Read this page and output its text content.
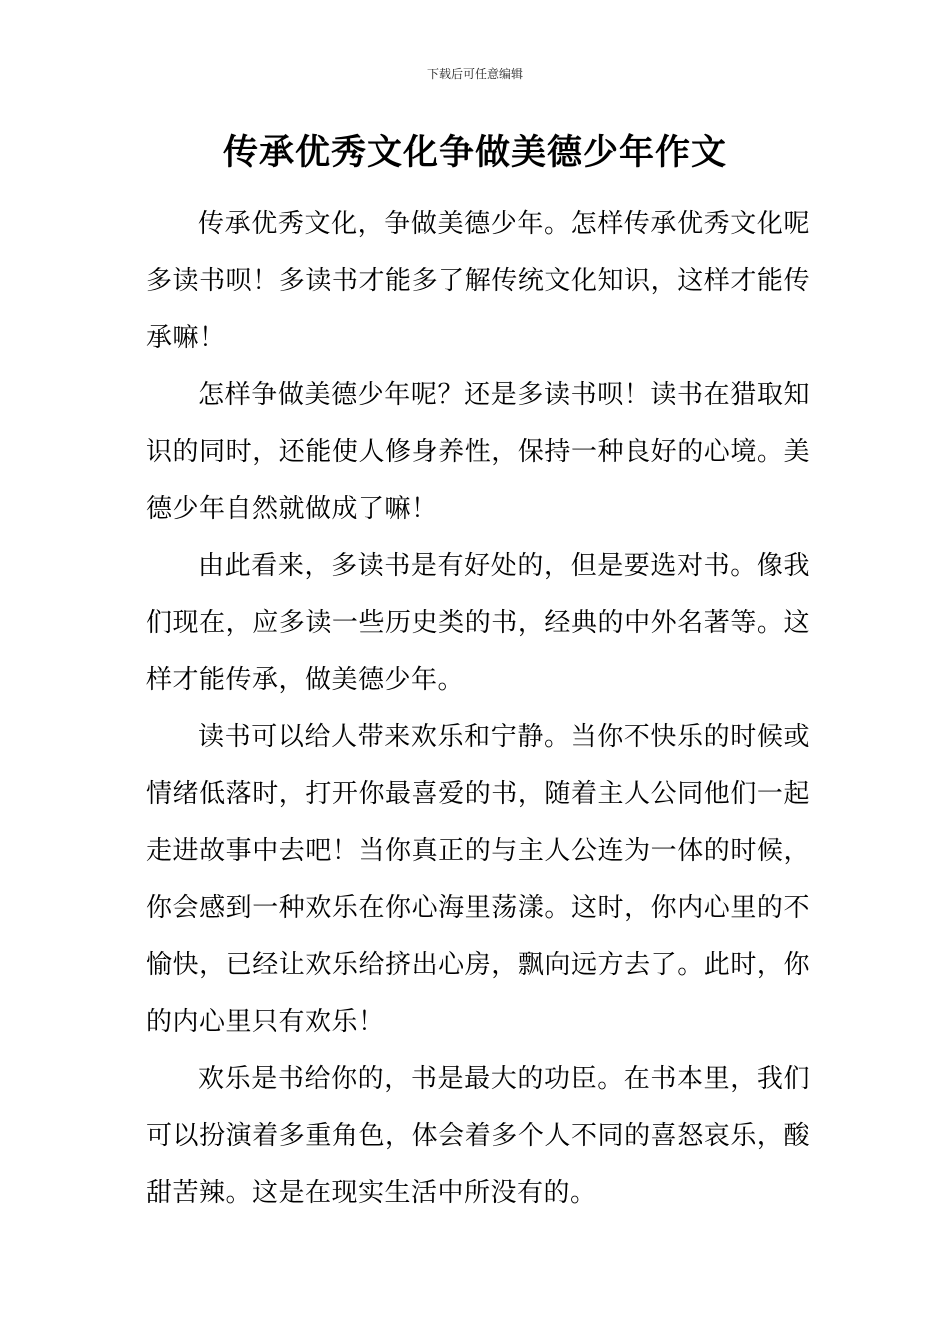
下载后可任意编辑
传承优秀文化争做美德少年作文

传承优秀文化，争做美德少年。怎样传承优秀文化呢多读书呗！多读书才能多了解传统文化知识，这样才能传承嘛！

怎样争做美德少年呢？还是多读书呗！读书在猎取知识的同时，还能使人修身养性，保持一种良好的心境。美德少年自然就做成了嘛！

由此看来，多读书是有好处的，但是要选对书。像我们现在，应多读一些历史类的书，经典的中外名著等。这样才能传承，做美德少年。

读书可以给人带来欢乐和宁静。当你不快乐的时候或情绪低落时，打开你最喜爱的书，随着主人公同他们一起走进故事中去吧！当你真正的与主人公连为一体的时候，你会感到一种欢乐在你心海里荡漾。这时，你内心里的不愉快，已经让欢乐给挤出心房，飘向远方去了。此时，你的内心里只有欢乐！

欢乐是书给你的，书是最大的功臣。在书本里，我们可以扮演着多重角色，体会着多个人不同的喜怒哀乐，酸甜苦辣。这是在现实生活中所没有的。
